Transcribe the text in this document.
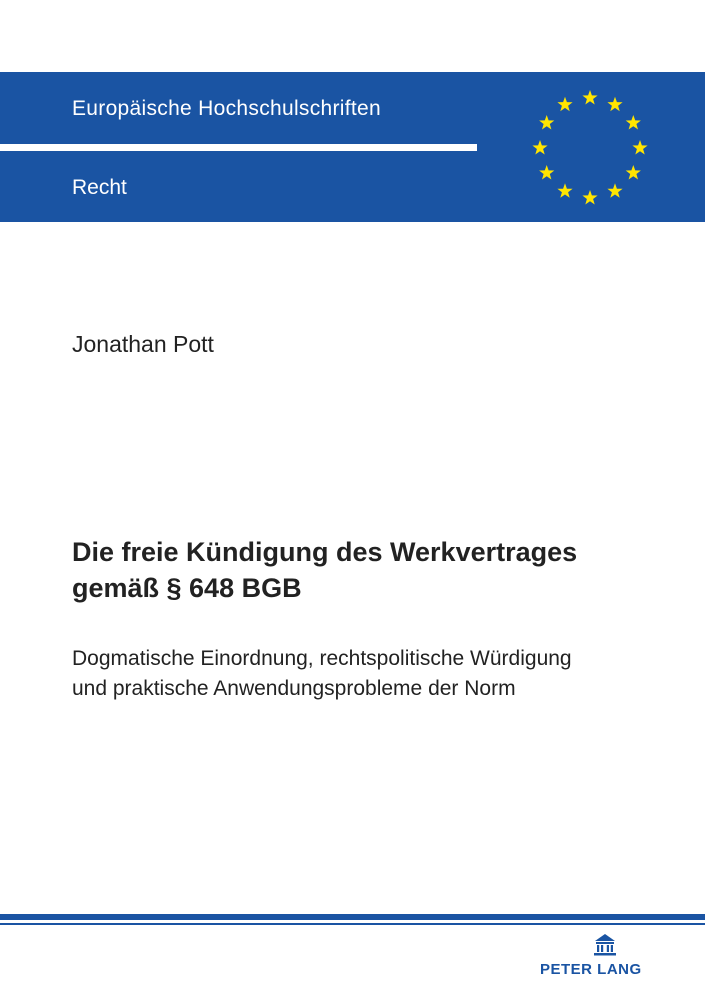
Europäische Hochschulschriften
Recht
Jonathan Pott
Die freie Kündigung des Werkvertrages
gemäß § 648 BGB
Dogmatische Einordnung, rechtspolitische Würdigung
und praktische Anwendungsprobleme der Norm
PETER LANG
